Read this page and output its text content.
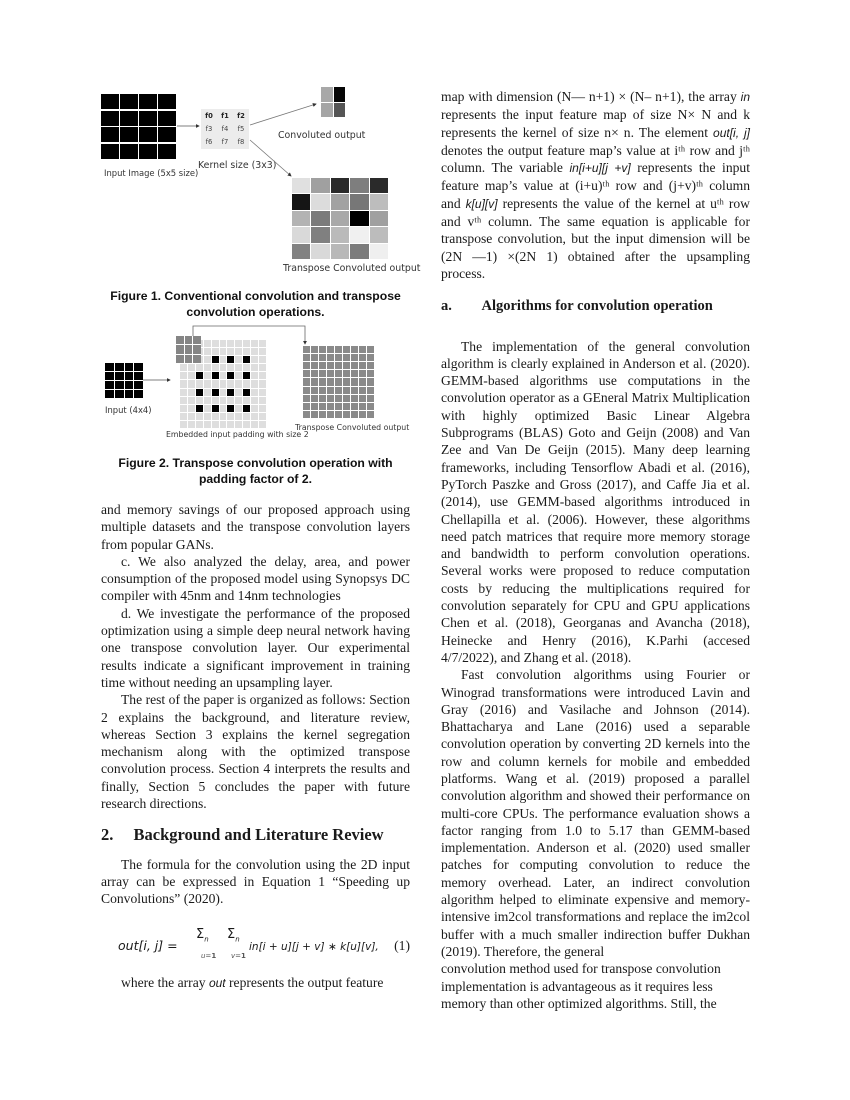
Input Image (5x5 size)
f0 f1 f2
f3 f4 f5
f6 f7 f8
Kernel size (3x3)
Convoluted output
Transpose Convoluted output
Figure 1. Conventional convolution and transpose convolution operations.
Input (4x4)
Embedded input padding with size 2
Transpose Convoluted output
Figure 2. Transpose convolution operation with padding factor of 2.

and memory savings of our proposed approach using multiple datasets and the transpose convolution layers from popular GANs.

c. We also analyzed the delay, area, and power consumption of the proposed model using Synopsys DC compiler with 45nm and 14nm technologies

d. We investigate the performance of the proposed optimization using a simple deep neural network having one transpose convolution layer. Our experimental results indicate a significant improvement in training time without needing an upsampling layer.

The rest of the paper is organized as follows: Section 2 explains the background, and literature review, whereas Section 3 explains the kernel segregation mechanism along with the optimized transpose convolution process. Section 4 interprets the results and finally, Section 5 concludes the paper with future research directions.

2. Background and Literature Review

The formula for the convolution using the 2D input array can be expressed in Equation 1 “Speeding up Convolutions” (2020).

out[i, j] =
$\Sigma_n$
u=1
$\Sigma_n$
v=1
in[i + u][j + v] ∗ k[u][v], (1)

where the array out represents the output feature

map with dimension (N— n+1) × (N– n+1), the array in represents the input feature map of size N× N and k represents the kernel of size n× n. The element out[i, j] denotes the output feature map’s value at iᵗʰ row and jᵗʰ column. The variable in[i+u][j +v] represents the input feature map’s value at (i+u)ᵗʰ row and (j+v)ᵗʰ column and k[u][v] represents the value of the kernel at uᵗʰ row and vᵗʰ column. The same equation is applicable for transpose convolution, but the input dimension will be (2N —1) ×(2N 1) obtained after the upsampling process.

a. Algorithms for convolution operation

The implementation of the general convolution algorithm is clearly explained in Anderson et al. (2020). GEMM-based algorithms use computations in the convolution operator as a GEneral Matrix Multiplication with highly optimized Basic Linear Algebra Subprograms (BLAS) Goto and Geijn (2008) and Van Zee and Van De Geijn (2015). Many deep learning frameworks, including Tensorflow Abadi et al. (2016), PyTorch Paszke and Gross (2017), and Caffe Jia et al. (2014), use GEMM-based algorithms introduced in Chellapilla et al. (2006). However, these algorithms need patch matrices that require more memory storage and bandwidth to perform convolution operations. Several works were proposed to reduce computation costs by reducing the multiplications required for convolution separately for CPU and GPU applications Chen et al. (2018), Georganas and Avancha (2018), Heinecke and Henry (2016), K.Parhi (accesed 4/7/2022), and Zhang et al. (2018).

Fast convolution algorithms using Fourier or Winograd transformations were introduced Lavin and Gray (2016) and Vasilache and Johnson (2014). Bhattacharya and Lane (2016) used a separable convolution operation by converting 2D kernels into the row and column kernels for mobile and embedded platforms. Wang et al. (2019) proposed a parallel convolution algorithm and showed their performance on multi-core CPUs. The performance evaluation shows a factor ranging from 1.0 to 5.17 than GEMM-based implementation. Anderson et al. (2020) used smaller patches for computing convolution to reduce the memory overhead. Later, an indirect convolution algorithm helped to eliminate expensive and memory-intensive im2col transformations and replace the im2col buffer with a much smaller indirection buffer Dukhan (2019). Therefore, the general

convolution method used for transpose convolution implementation is advantageous as it requires less memory than other optimized algorithms. Still, the
